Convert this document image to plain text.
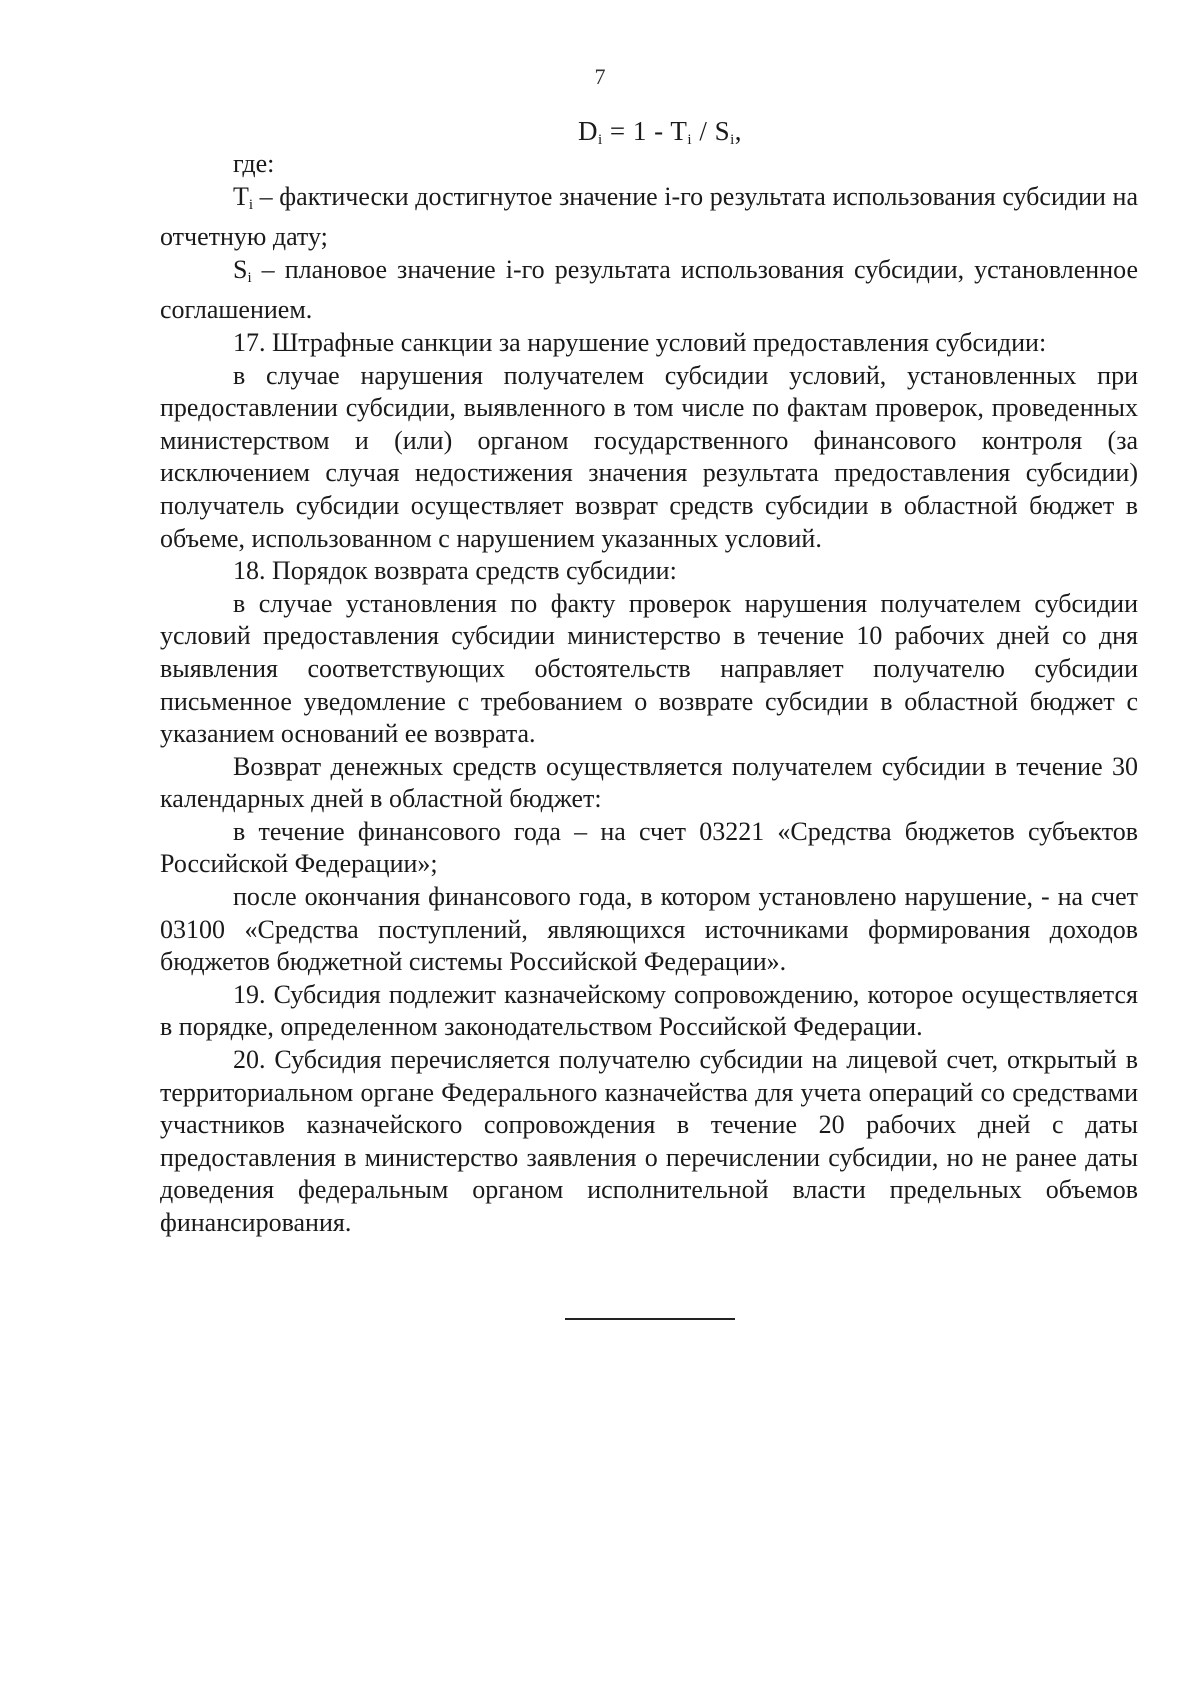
7
$D_i = 1 - T_i / S_i$,

где:

$T_i$ – фактически достигнутое значение i-го результата использования субсидии на отчетную дату;

$S_i$ – плановое значение i-го результата использования субсидии, установленное соглашением.

17. Штрафные санкции за нарушение условий предоставления субсидии:

в случае нарушения получателем субсидии условий, установленных при предоставлении субсидии, выявленного в том числе по фактам проверок, проведенных министерством и (или) органом государственного финансового контроля (за исключением случая недостижения значения результата предоставления субсидии) получатель субсидии осуществляет возврат средств субсидии в областной бюджет в объеме, использованном с нарушением указанных условий.

18. Порядок возврата средств субсидии:

в случае установления по факту проверок нарушения получателем субсидии условий предоставления субсидии министерство в течение 10 рабочих дней со дня выявления соответствующих обстоятельств направляет получателю субсидии письменное уведомление с требованием о возврате субсидии в областной бюджет с указанием оснований ее возврата.

Возврат денежных средств осуществляется получателем субсидии в течение 30 календарных дней в областной бюджет:

в течение финансового года – на счет 03221 «Средства бюджетов субъектов Российской Федерации»;

после окончания финансового года, в котором установлено нарушение, - на счет 03100 «Средства поступлений, являющихся источниками формирования доходов бюджетов бюджетной системы Российской Федерации».

19. Субсидия подлежит казначейскому сопровождению, которое осуществляется в порядке, определенном законодательством Российской Федерации.

20. Субсидия перечисляется получателю субсидии на лицевой счет, открытый в территориальном органе Федерального казначейства для учета операций со средствами участников казначейского сопровождения в течение 20 рабочих дней с даты предоставления в министерство заявления о перечислении субсидии, но не ранее даты доведения федеральным органом исполнительной власти предельных объемов финансирования.
